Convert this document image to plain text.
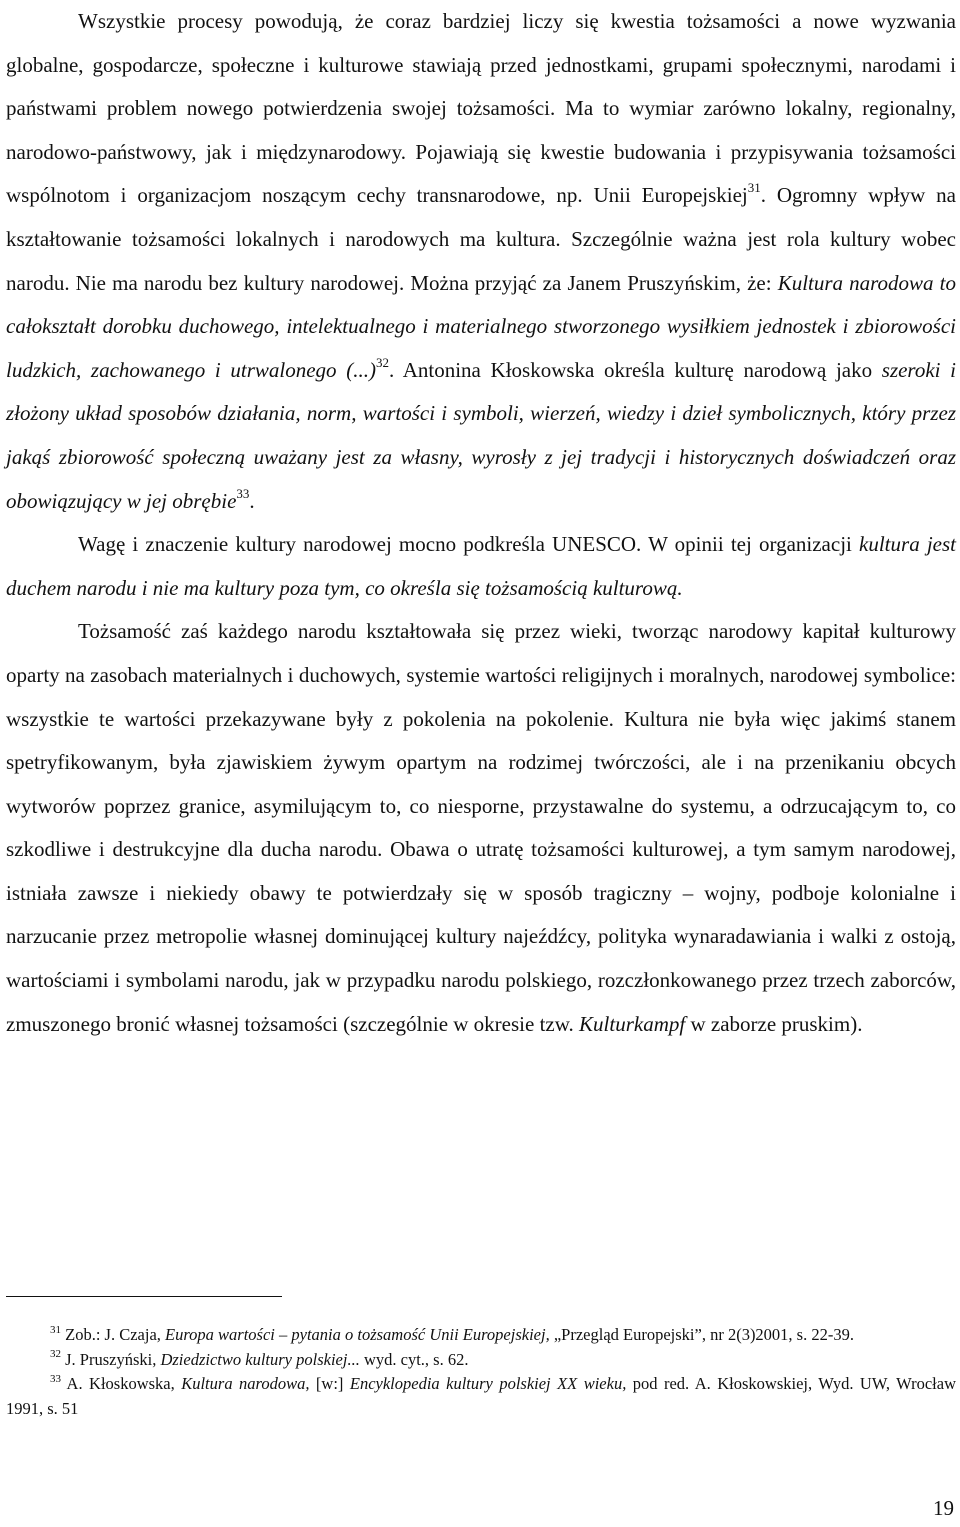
Wszystkie procesy powodują, że coraz bardziej liczy się kwestia tożsamości a nowe wyzwania globalne, gospodarcze, społeczne i kulturowe stawiają przed jednostkami, grupami społecznymi, narodami i państwami problem nowego potwierdzenia swojej tożsamości. Ma to wymiar zarówno lokalny, regionalny, narodowo-państwowy, jak i międzynarodowy. Pojawiają się kwestie budowania i przypisywania tożsamości wspólnotom i organizacjom noszącym cechy transnarodowe, np. Unii Europejskiej$^{31}$. Ogromny wpływ na kształtowanie tożsamości lokalnych i narodowych ma kultura. Szczególnie ważna jest rola kultury wobec narodu. Nie ma narodu bez kultury narodowej. Można przyjąć za Janem Pruszyńskim, że: Kultura narodowa to całokształt dorobku duchowego, intelektualnego i materialnego stworzonego wysiłkiem jednostek i zbiorowości ludzkich, zachowanego i utrwalonego (...)$^{32}$. Antonina Kłoskowska określa kulturę narodową jako szeroki i złożony układ sposobów działania, norm, wartości i symboli, wierzeń, wiedzy i dzieł symbolicznych, który przez jakąś zbiorowość społeczną uważany jest za własny, wyrosły z jej tradycji i historycznych doświadczeń oraz obowiązujący w jej obrębie$^{33}$.

Wagę i znaczenie kultury narodowej mocno podkreśla UNESCO. W opinii tej organizacji kultura jest duchem narodu i nie ma kultury poza tym, co określa się tożsamością kulturową.

Tożsamość zaś każdego narodu kształtowała się przez wieki, tworząc narodowy kapitał kulturowy oparty na zasobach materialnych i duchowych, systemie wartości religijnych i moralnych, narodowej symbolice: wszystkie te wartości przekazywane były z pokolenia na pokolenie. Kultura nie była więc jakimś stanem spetryfikowanym, była zjawiskiem żywym opartym na rodzimej twórczości, ale i na przenikaniu obcych wytworów poprzez granice, asymilującym to, co niesporne, przystawalne do systemu, a odrzucającym to, co szkodliwe i destrukcyjne dla ducha narodu. Obawa o utratę tożsamości kulturowej, a tym samym narodowej, istniała zawsze i niekiedy obawy te potwierdzały się w sposób tragiczny – wojny, podboje kolonialne i narzucanie przez metropolie własnej dominującej kultury najeźdźcy, polityka wynaradawiania i walki z ostoją, wartościami i symbolami narodu, jak w przypadku narodu polskiego, rozczłonkowanego przez trzech zaborców, zmuszonego bronić własnej tożsamości (szczególnie w okresie tzw. Kulturkampf w zaborze pruskim).

$^{31}$ Zob.: J. Czaja, Europa wartości – pytania o tożsamość Unii Europejskiej, „Przegląd Europejski”, nr 2(3)2001, s. 22-39.

$^{32}$ J. Pruszyński, Dziedzictwo kultury polskiej... wyd. cyt., s. 62.

$^{33}$ A. Kłoskowska, Kultura narodowa, [w:] Encyklopedia kultury polskiej XX wieku, pod red. A. Kłoskowskiej, Wyd. UW, Wrocław 1991, s. 51

19
